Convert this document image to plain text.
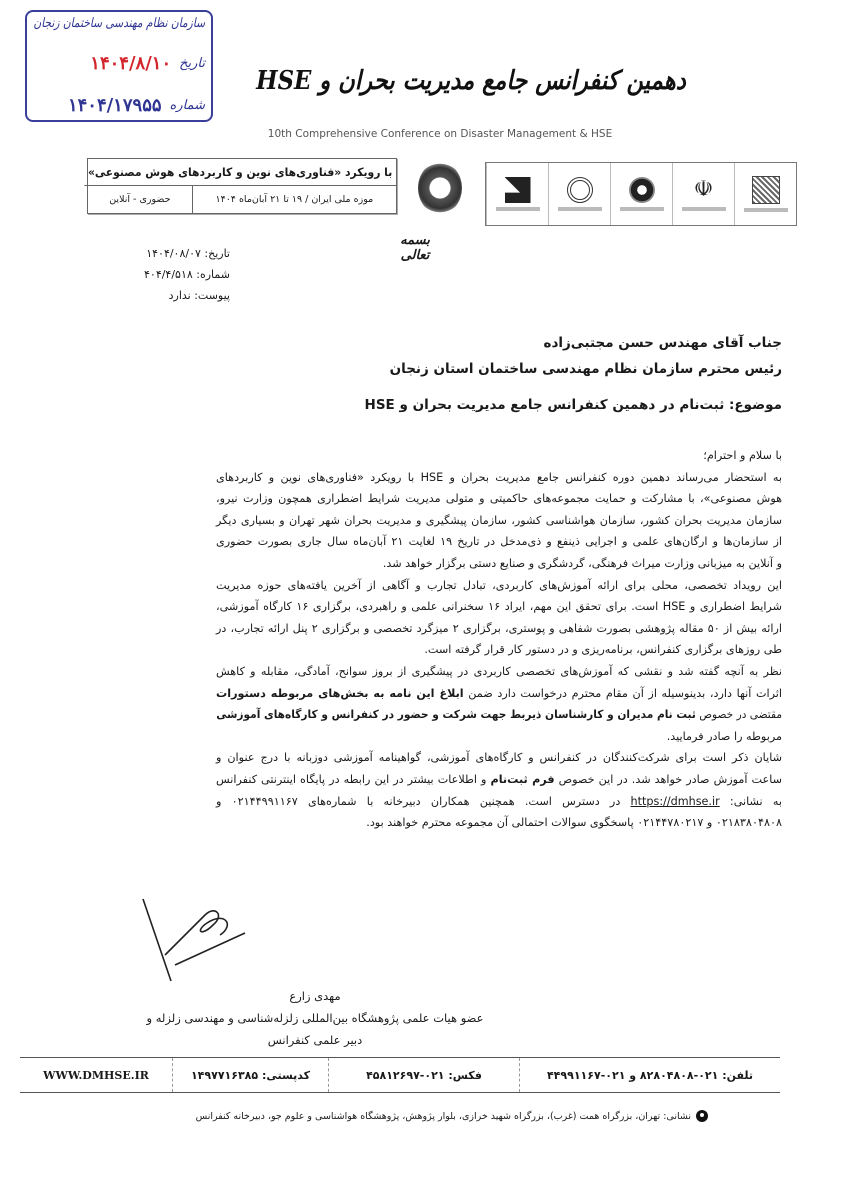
سازمان نظام مهندسی ساختمان زنجان
تاریخ
۱۴۰۴/۸/۱۰
شماره
۱۴۰۴/۱۷۹۵۵
دهمین کنفرانس جامع مدیریت بحران و HSE
10th Comprehensive Conference on Disaster Management & HSE
با رویکرد «فناوری‌های نوین و کاربردهای هوش مصنوعی»
موزه ملی ایران / ۱۹ تا ۲۱ آبان‌ماه ۱۴۰۴
حضوری - آنلاین	☫
بسمه تعالی
تاریخ: ۱۴۰۴/۰۸/۰۷
شماره: ۴۰۴/۴/۵۱۸
پیوست: ندارد
جناب آقای مهندس حسن مجتبی‌زاده
رئیس محترم سازمان نظام مهندسی ساختمان استان زنجان
موضوع: ثبت‌نام در دهمین کنفرانس جامع مدیریت بحران و HSE
با سلام و احترام؛
به استحضار می‌رساند دهمین دوره کنفرانس جامع مدیریت بحران و HSE با رویکرد «فناوری‌های نوین و کاربردهای
هوش مصنوعی»، با مشارکت و حمایت مجموعه‌های حاکمیتی و متولی مدیریت شرایط اضطراری همچون وزارت نیرو،
سازمان مدیریت بحران کشور، سازمان هواشناسی کشور، سازمان پیشگیری و مدیریت بحران شهر تهران و بسیاری دیگر
از سازمان‌ها و ارگان‌های علمی و اجرایی ذینفع و ذی‌مدخل در تاریخ ۱۹ لغایت ۲۱ آبان‌ماه سال جاری بصورت حضوری
و آنلاین به میزبانی وزارت میراث فرهنگی، گردشگری و صنایع دستی برگزار خواهد شد.
این رویداد تخصصی، محلی برای ارائه آموزش‌های کاربردی، تبادل تجارب و آگاهی از آخرین یافته‌های حوزه مدیریت
شرایط اضطراری و HSE است. برای تحقق این مهم، ایراد ۱۶ سخنرانی علمی و راهبردی، برگزاری ۱۶ کارگاه آموزشی،
ارائه بیش از ۵۰ مقاله پژوهشی بصورت شفاهی و پوستری، برگزاری ۲ میزگرد تخصصی و برگزاری ۲ پنل ارائه تجارب، در
طی روزهای برگزاری کنفرانس، برنامه‌ریزی و در دستور کار قرار گرفته است.
نظر به آنچه گفته شد و نقشی که آموزش‌های تخصصی کاربردی در پیشگیری از بروز سوانح، آمادگی، مقابله و کاهش
اثرات آنها دارد، بدینوسیله از آن مقام محترم درخواست دارد ضمن ابلاغ این نامه به بخش‌های مربوطه دستورات
مقتضی در خصوص ثبت نام مدیران و کارشناسان ذیربط جهت شرکت و حضور در کنفرانس و کارگاه‌های آموزشی
مربوطه را صادر فرمایید.
شایان ذکر است برای شرکت‌کنندگان در کنفرانس و کارگاه‌های آموزشی، گواهینامه آموزشی دوزبانه با درج عنوان و
ساعت آموزش صادر خواهد شد. در این خصوص فرم ثبت‌نام و اطلاعات بیشتر در این رابطه در پایگاه اینترنتی کنفرانس
به نشانی: https://dmhse.ir در دسترس است. همچنین همکاران دبیرخانه با شماره‌های ۰۲۱۴۴۹۹۱۱۶۷ و
۰۲۱۸۳۸۰۴۸۰۸ و ۰۲۱۴۴۷۸۰۲۱۷ پاسخگوی سوالات احتمالی آن مجموعه محترم خواهند بود.
مهدی زارع
عضو هیات علمی پژوهشگاه بین‌المللی زلزله‌شناسی و مهندسی زلزله و
دبیر علمی کنفرانس
تلفن: ۰۲۱-۸۲۸۰۴۸۰۸ و ۰۲۱-۴۴۹۹۱۱۶۷
فکس: ۰۲۱-۴۵۸۱۲۶۹۷
کدپستی: ۱۴۹۷۷۱۶۳۸۵
WWW.DMHSE.IR
نشانی: تهران، بزرگراه همت (غرب)، بزرگراه شهید خرازی، بلوار پژوهش، پژوهشگاه هواشناسی و علوم جو، دبیرخانه کنفرانس
